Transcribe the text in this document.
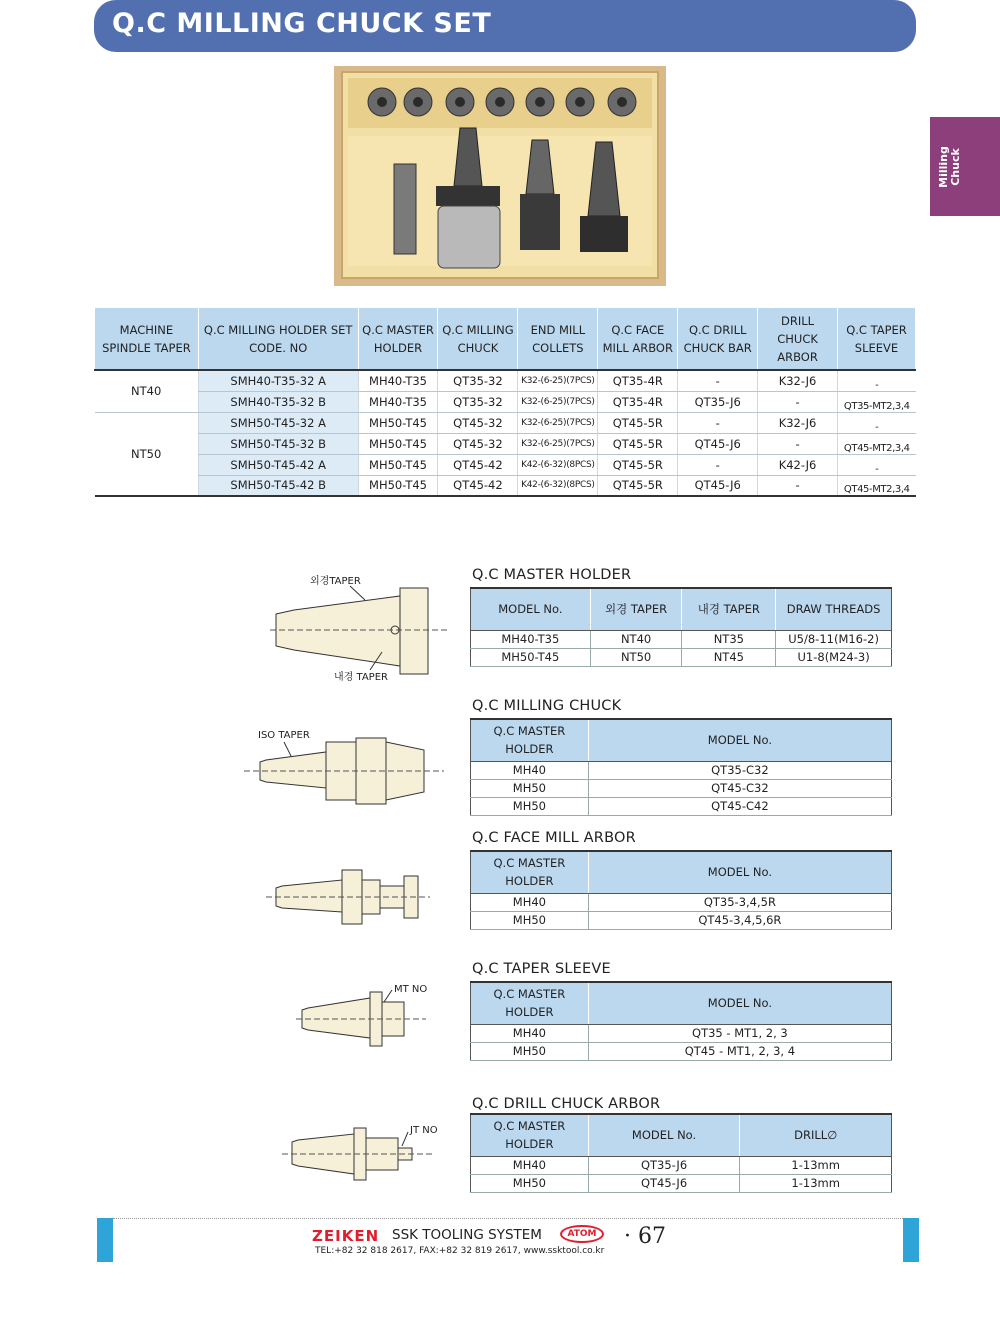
Q.C MILLING CHUCK SET
Milling Chuck
MACHINE SPINDLE TAPER	Q.C MILLING HOLDER SET CODE. NO	Q.C MASTER HOLDER	Q.C MILLING CHUCK	END MILL COLLETS	Q.C FACE MILL ARBOR	Q.C DRILL CHUCK BAR	DRILL CHUCK ARBOR	Q.C TAPER SLEEVE
NT40	SMH40-T35-32 A	MH40-T35	QT35-32	K32-(6-25)(7PCS)	QT35-4R	-	K32-J6	-
	SMH40-T35-32 B	MH40-T35	QT35-32	K32-(6-25)(7PCS)	QT35-4R	QT35-J6	-	QT35-MT2,3,4
NT50	SMH50-T45-32 A	MH50-T45	QT45-32	K32-(6-25)(7PCS)	QT45-5R	-	K32-J6	-
	SMH50-T45-32 B	MH50-T45	QT45-32	K32-(6-25)(7PCS)	QT45-5R	QT45-J6	-	QT45-MT2,3,4
	SMH50-T45-42 A	MH50-T45	QT45-42	K42-(6-32)(8PCS)	QT45-5R	-	K42-J6	-
	SMH50-T45-42 B	MH50-T45	QT45-42	K42-(6-32)(8PCS)	QT45-5R	QT45-J6	-	QT45-MT2,3,4
외경TAPER
내경 TAPER
Q.C MASTER HOLDER
MODEL No.	외경 TAPER	내경 TAPER	DRAW THREADS
MH40-T35	NT40	NT35	U5/8-11(M16-2)
MH50-T45	NT50	NT45	U1-8(M24-3)
ISO TAPER
Q.C MILLING CHUCK
Q.C MASTER HOLDER	MODEL No.
MH40	QT35-C32
MH50	QT45-C32
MH50	QT45-C42
Q.C FACE MILL ARBOR
Q.C MASTER HOLDER	MODEL No.
MH40	QT35-3,4,5R
MH50	QT45-3,4,5,6R
MT NO
Q.C TAPER SLEEVE
Q.C MASTER HOLDER	MODEL No.
MH40	QT35 - MT1, 2, 3
MH50	QT45 - MT1, 2, 3, 4
JT NO
Q.C DRILL CHUCK ARBOR
Q.C MASTER HOLDER	MODEL No.	DRILL∅
MH40	QT35-J6	1-13mm
MH50	QT45-J6	1-13mm
ZEIKEN SSK TOOLING SYSTEM	ATOM	· 67
TEL:+82 32 818 2617, FAX:+82 32 819 2617, www.ssktool.co.kr
